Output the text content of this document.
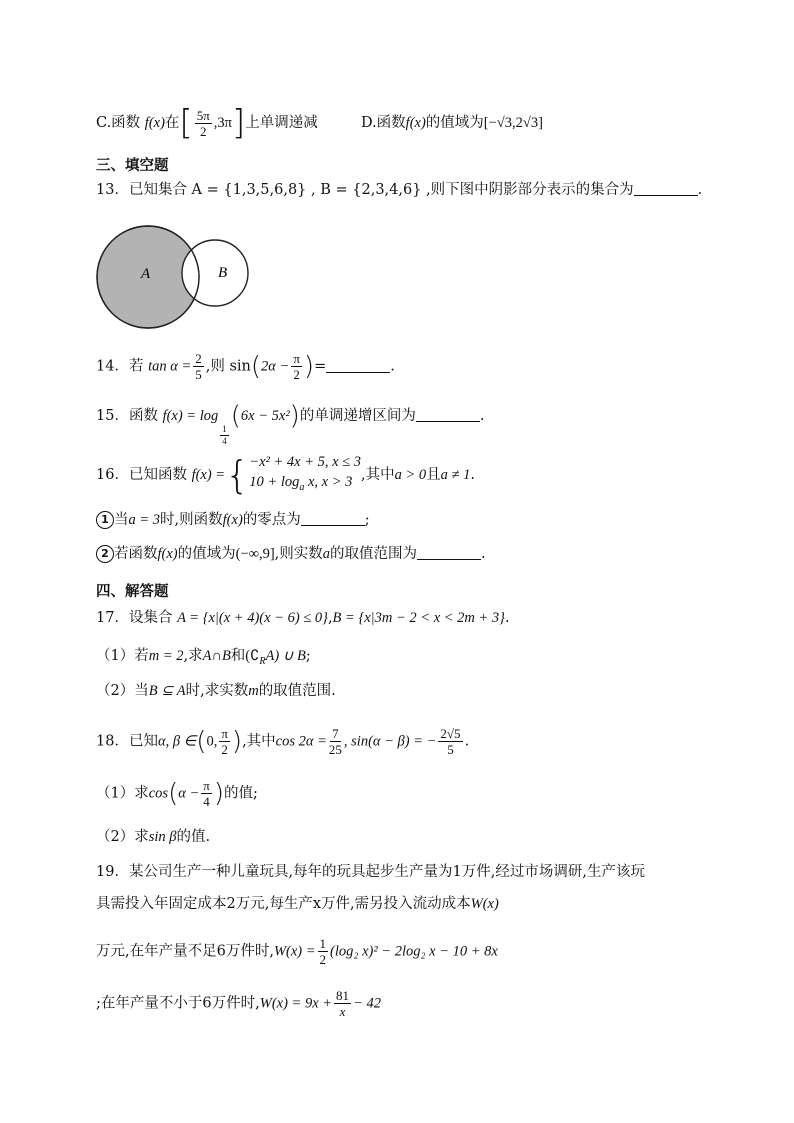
C.函数 f(x)在[ $\frac{5\pi}{2} ,3\pi$]上单调递减	D.函数f(x)的值域为[−√3,2√3]
三、填空题
13．已知集合 A = {1,3,5,6,8} , B = {2,3,4,6} ,则下图中阴影部分表示的集合为	.
A	B
14．若 $\tan \alpha = \frac{2}{5}$ ,则 $\sin(2\alpha - \frac{\pi}{2}$ )=	.
15．函数 f(x) = log
$\frac{1}{4}$
(6x − 5x²)的单调递增区间为	.
16．已知函数 f(x) ={ −x² + 4x + 5, x ≤ 3
$10 + \log_a x$, x > 3 ,其中a > 0且a ≠ 1.
1 当a = 3时,则函数f(x)的零点为	;
2 若函数f(x)的值域为(−∞,9],则实数a的取值范围为	.
四、解答题
17．设集合 A = {x|(x + 4)(x − 6) ≤ 0},B = {x|3m − 2 < x < 2m + 3}.
（1）若m = 2,求A∩B和$(∁_RA)$ ∪ B;
（2）当B ⊆ A时,求实数m的取值范围.
18．已知α, β ∈(0, $\frac{\pi}{2}$ ),其中$\cos 2\alpha = \frac{7}{25}$ , sin(α − β) = − $\frac{2√5}{5}$ .
（1）求$\cos(\alpha - \frac{\pi}{4}$ )的值;
（2）求sin β的值.
19．某公司生产一种儿童玩具,每年的玩具起步生产量为1万件,经过市场调研,生产该玩
具需投入年固定成本2万元,每生产x万件,需另投入流动成本W(x)
万元,在年产量不足6万件时$,W(x) = \frac{1}{2} (\log_2$ x)² − 2log₂ x − 10 + 8x
;在年产量不小于6万件时$,W(x) = 9x + \frac{81}{x} - 42$
